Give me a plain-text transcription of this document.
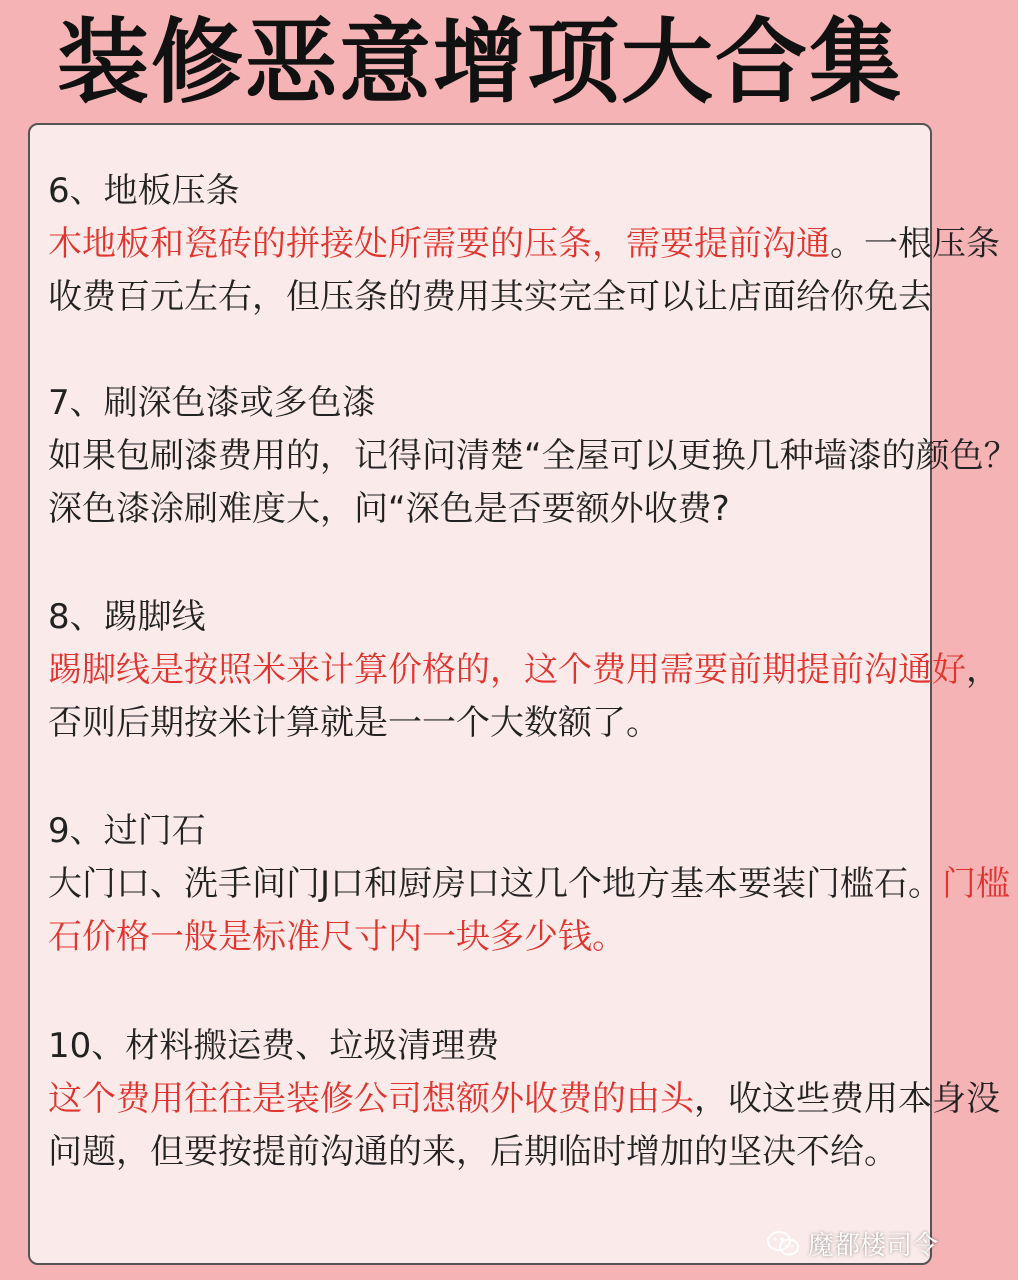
装修恶意增项大合集
6、地板压条
木地板和瓷砖的拼接处所需要的压条，需要提前沟通。一根压条
收费百元左右，但压条的费用其实完全可以让店面给你免去
7、刷深色漆或多色漆
如果包刷漆费用的，记得问清楚“全屋可以更换几种墙漆的颜色？
深色漆涂刷难度大，问“深色是否要额外收费?
8、踢脚线
踢脚线是按照米来计算价格的，这个费用需要前期提前沟通好，
否则后期按米计算就是一一个大数额了。
9、过门石
大门口、洗手间门J口和厨房口这几个地方基本要装门槛石。门槛
石价格一般是标准尺寸内一块多少钱。
10、材料搬运费、垃圾清理费
这个费用往往是装修公司想额外收费的由头，收这些费用本身没
问题，但要按提前沟通的来，后期临时增加的坚决不给。
魔都楼司令
